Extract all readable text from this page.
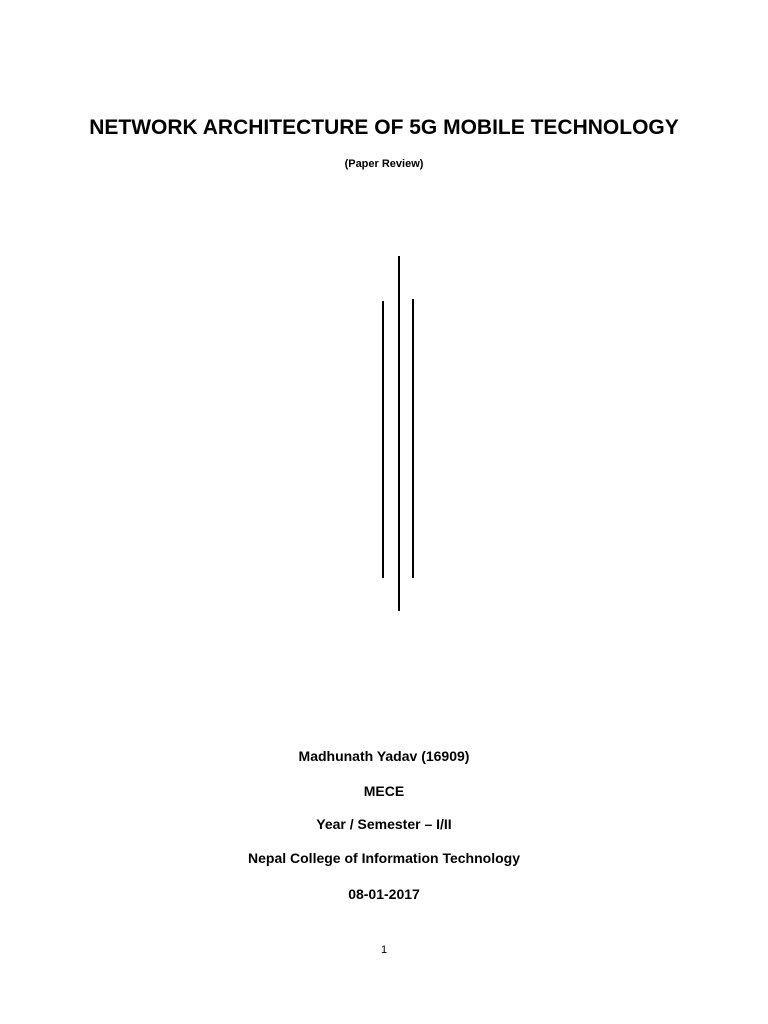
NETWORK ARCHITECTURE OF 5G MOBILE TECHNOLOGY
(Paper Review)
Madhunath Yadav (16909)
MECE
Year / Semester – I/II
Nepal College of Information Technology
08-01-2017
1
